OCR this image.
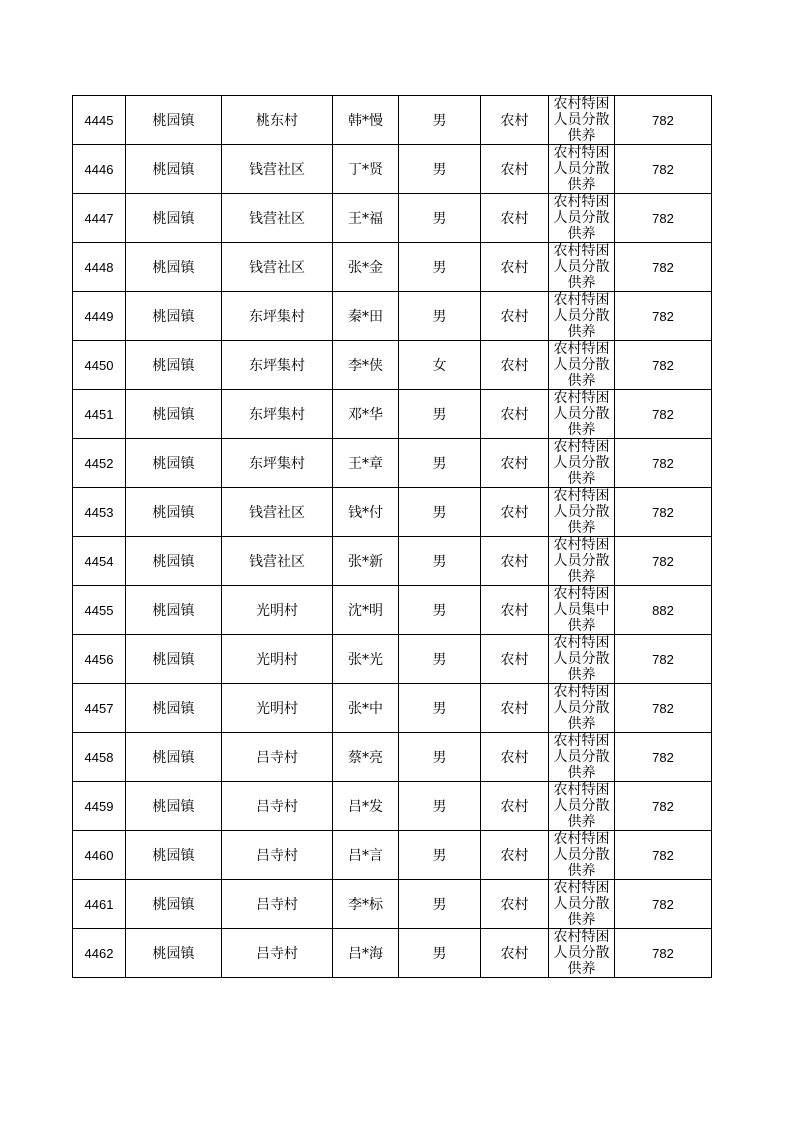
4445	桃园镇	桃东村	韩*慢	男	农村	农村特困人员分散供养	782
4446	桃园镇	钱营社区	丁*贤	男	农村	农村特困人员分散供养	782
4447	桃园镇	钱营社区	王*福	男	农村	农村特困人员分散供养	782
4448	桃园镇	钱营社区	张*金	男	农村	农村特困人员分散供养	782
4449	桃园镇	东坪集村	秦*田	男	农村	农村特困人员分散供养	782
4450	桃园镇	东坪集村	李*侠	女	农村	农村特困人员分散供养	782
4451	桃园镇	东坪集村	邓*华	男	农村	农村特困人员分散供养	782
4452	桃园镇	东坪集村	王*章	男	农村	农村特困人员分散供养	782
4453	桃园镇	钱营社区	钱*付	男	农村	农村特困人员分散供养	782
4454	桃园镇	钱营社区	张*新	男	农村	农村特困人员分散供养	782
4455	桃园镇	光明村	沈*明	男	农村	农村特困人员集中供养	882
4456	桃园镇	光明村	张*光	男	农村	农村特困人员分散供养	782
4457	桃园镇	光明村	张*中	男	农村	农村特困人员分散供养	782
4458	桃园镇	吕寺村	蔡*亮	男	农村	农村特困人员分散供养	782
4459	桃园镇	吕寺村	吕*发	男	农村	农村特困人员分散供养	782
4460	桃园镇	吕寺村	吕*言	男	农村	农村特困人员分散供养	782
4461	桃园镇	吕寺村	李*标	男	农村	农村特困人员分散供养	782
4462	桃园镇	吕寺村	吕*海	男	农村	农村特困人员分散供养	782
